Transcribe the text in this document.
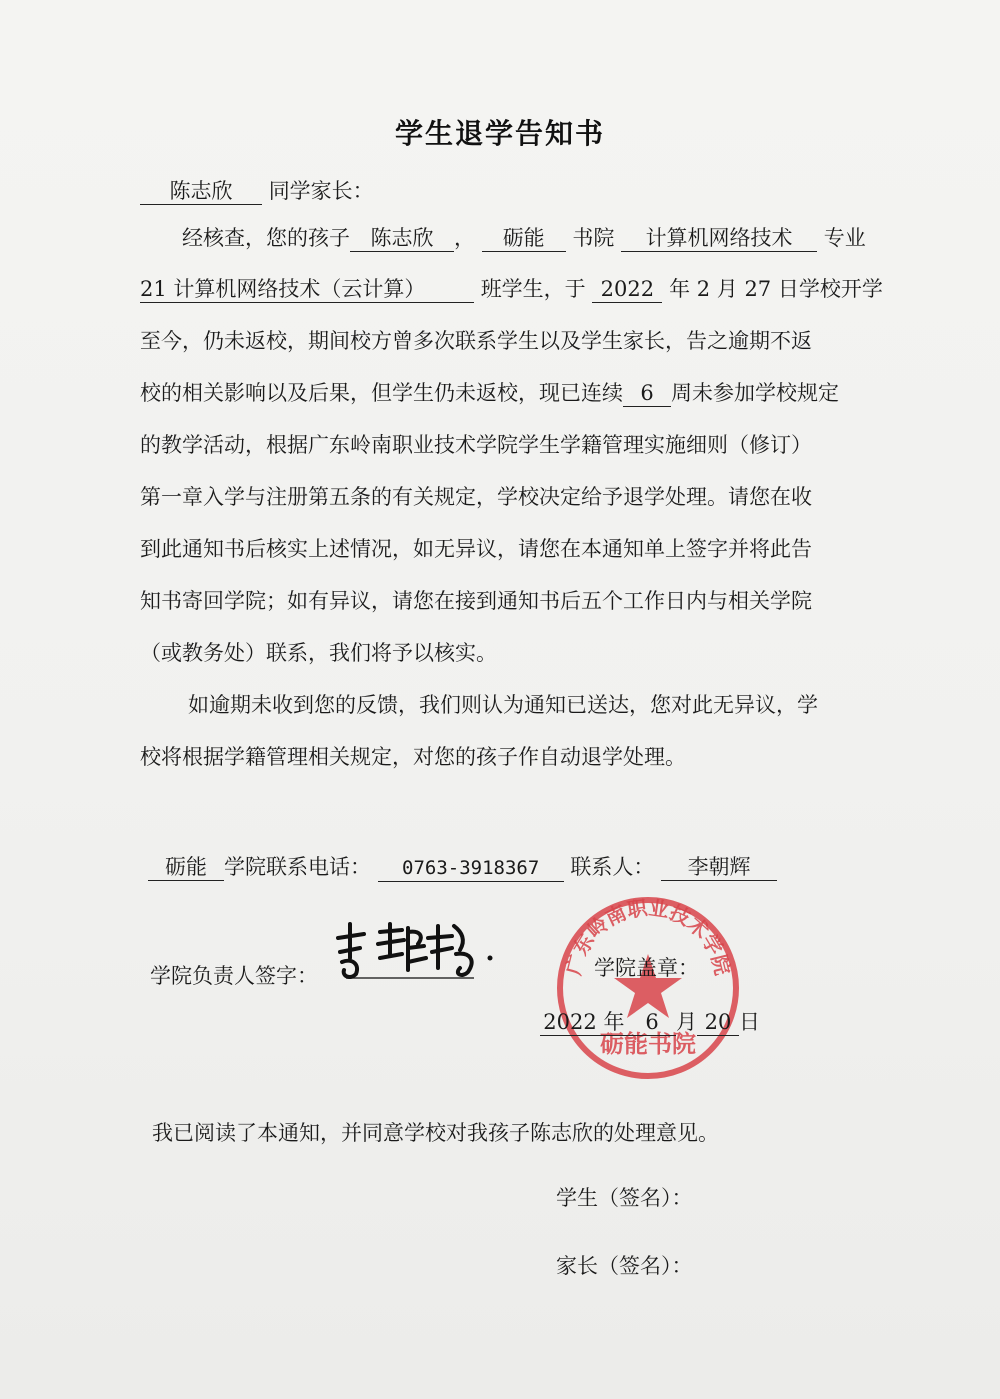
学生退学告知书
陈志欣 同学家长：
经核查，您的孩子 陈志欣 ， 砺能 书院 计算机网络技术 专业
21 计算机网络技术（云计算）	班学生，于 2022 年 2 月 27 日学校开学
至今，仍未返校，期间校方曾多次联系学生以及学生家长，告之逾期不返
校的相关影响以及后果，但学生仍未返校，现已连续 6 周未参加学校规定
的教学活动，根据广东岭南职业技术学院学生学籍管理实施细则（修订）
第一章入学与注册第五条的有关规定，学校决定给予退学处理。请您在收
到此通知书后核实上述情况，如无异议，请您在本通知单上签字并将此告
知书寄回学院；如有异议，请您在接到通知书后五个工作日内与相关学院
（或教务处）联系，我们将予以核实。
如逾期未收到您的反馈，我们则认为通知已送达，您对此无异议，学
校将根据学籍管理相关规定，对您的孩子作自动退学处理。
砺能 学院联系电话： 0763-3918367 联系人： 李朝辉
学院负责人签字：	广东岭南职业技术学院
砺能书院
学院盖章：
2022 年 6 月 20 日
我已阅读了本通知，并同意学校对我孩子陈志欣的处理意见。
学生（签名）：
家长（签名）：
